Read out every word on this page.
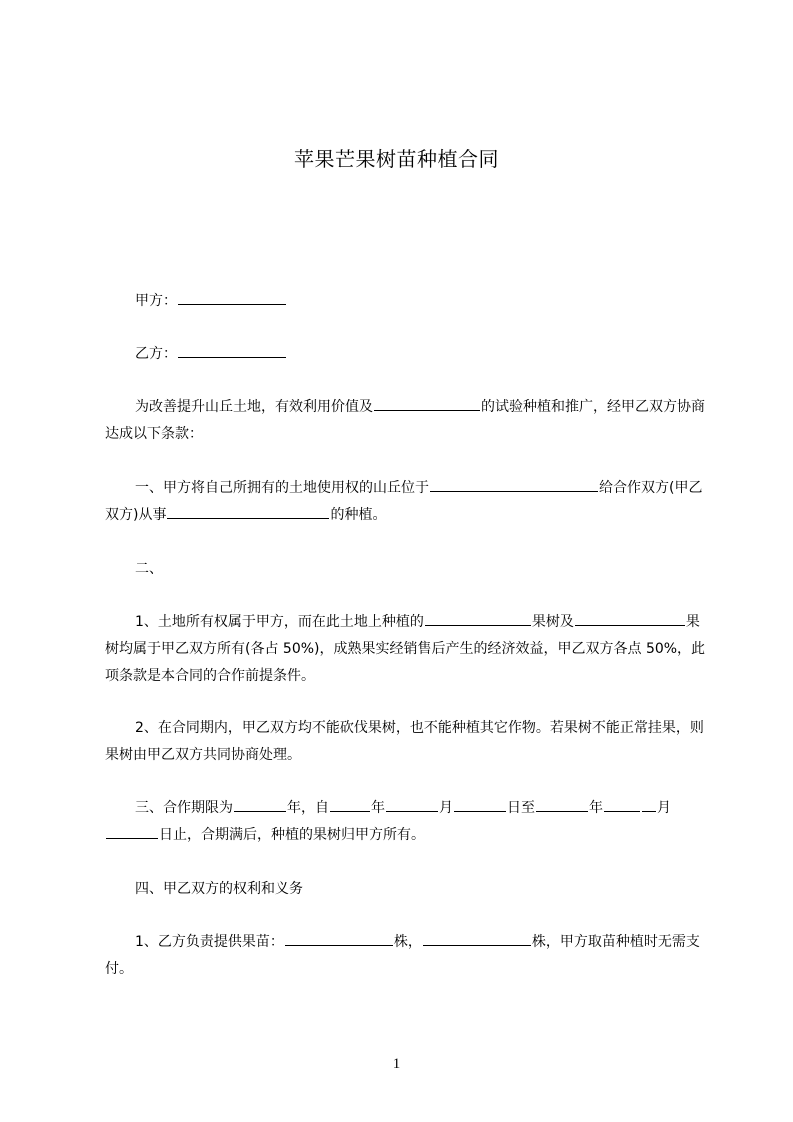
苹果芒果树苗种植合同
甲方：
乙方：
为改善提升山丘土地，有效利用价值及	的试验种植和推广，经甲乙双方协商达成以下条款：
一、甲方将自己所拥有的土地使用权的山丘位于	给合作双方(甲乙双方)从事	的种植。
二、
1、土地所有权属于甲方，而在此土地上种植的	果树及	果树均属于甲乙双方所有(各占 50%)，成熟果实经销售后产生的经济效益，甲乙双方各点 50%，此项条款是本合同的合作前提条件。
2、在合同期内，甲乙双方均不能砍伐果树，也不能种植其它作物。若果树不能正常挂果，则果树由甲乙双方共同协商处理。
三、合作期限为	年，自	年	月	日至	年	月日止，合期满后，种植的果树归甲方所有。
四、甲乙双方的权利和义务
1、乙方负责提供果苗：	株，	株，甲方取苗种植时无需支付。
1
